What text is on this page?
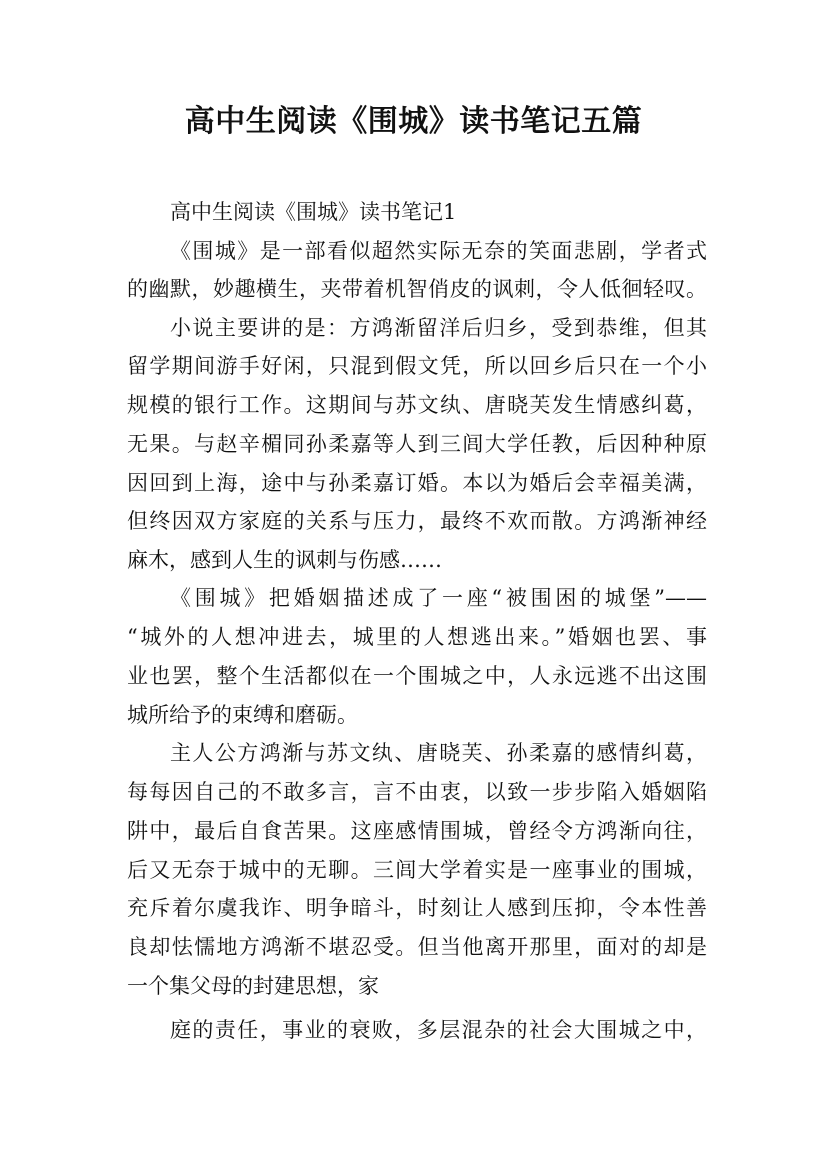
高中生阅读《围城》读书笔记五篇

高中生阅读《围城》读书笔记1

《围城》是一部看似超然实际无奈的笑面悲剧，学者式

的幽默，妙趣横生，夹带着机智俏皮的讽刺，令人低徊轻叹。

小说主要讲的是：方鸿渐留洋后归乡，受到恭维，但其

留学期间游手好闲，只混到假文凭，所以回乡后只在一个小

规模的银行工作。这期间与苏文纨、唐晓芙发生情感纠葛，

无果。与赵辛楣同孙柔嘉等人到三闾大学任教，后因种种原

因回到上海，途中与孙柔嘉订婚。本以为婚后会幸福美满，

但终因双方家庭的关系与压力，最终不欢而散。方鸿渐神经

麻木，感到人生的讽刺与伤感……

《围城》把婚姻描述成了一座“被围困的城堡”——

“城外的人想冲进去，城里的人想逃出来。”婚姻也罢、事

业也罢，整个生活都似在一个围城之中，人永远逃不出这围

城所给予的束缚和磨砺。

主人公方鸿渐与苏文纨、唐晓芙、孙柔嘉的感情纠葛，

每每因自己的不敢多言，言不由衷，以致一步步陷入婚姻陷

阱中，最后自食苦果。这座感情围城，曾经令方鸿渐向往，

后又无奈于城中的无聊。三闾大学着实是一座事业的围城，

充斥着尔虞我诈、明争暗斗，时刻让人感到压抑，令本性善

良却怯懦地方鸿渐不堪忍受。但当他离开那里，面对的却是

一个集父母的封建思想，家

庭的责任，事业的衰败，多层混杂的社会大围城之中，
